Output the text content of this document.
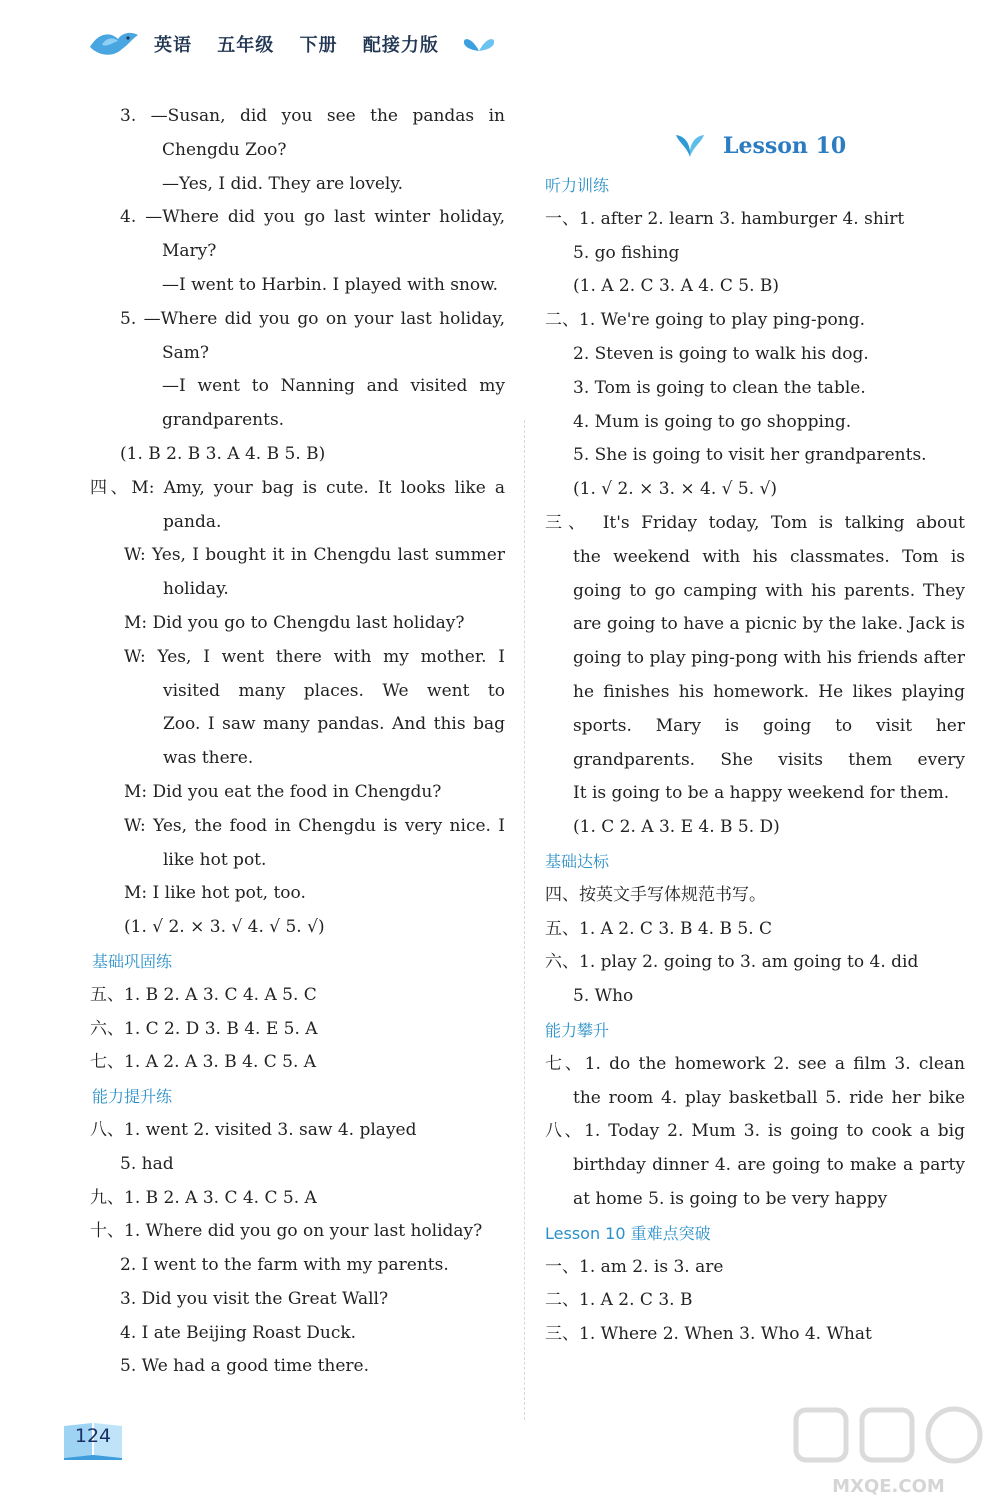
英语 五年级 下册 配接力版
Lesson 10
3. —Susan, did you see the pandas in
Chengdu Zoo?
—Yes, I did. They are lovely.
4. —Where did you go last winter holiday,
Mary?
—I went to Harbin. I played with snow.
5. —Where did you go on your last holiday,
Sam?
—I went to Nanning and visited my
grandparents.
(1. B 2. B 3. A 4. B 5. B)
四、M: Amy, your bag is cute. It looks like a
panda.
W: Yes, I bought it in Chengdu last summer
holiday.
M: Did you go to Chengdu last holiday?
W: Yes, I went there with my mother. I
visited many places. We went to
Zoo. I saw many pandas. And this bag
was there.
M: Did you eat the food in Chengdu?
W: Yes, the food in Chengdu is very nice. I
like hot pot.
M: I like hot pot, too.
(1. √ 2. × 3. √ 4. √ 5. √)
基础巩固练
五、1. B 2. A 3. C 4. A 5. C
六、1. C 2. D 3. B 4. E 5. A
七、1. A 2. A 3. B 4. C 5. A
能力提升练
八、1. went 2. visited 3. saw 4. played
5. had
九、1. B 2. A 3. C 4. C 5. A
十、1. Where did you go on your last holiday?
2. I went to the farm with my parents.
3. Did you visit the Great Wall?
4. I ate Beijing Roast Duck.
5. We had a good time there.
听力训练
一、1. after 2. learn 3. hamburger 4. shirt
5. go fishing
(1. A 2. C 3. A 4. C 5. B)
二、1. We're going to play ping-pong.
2. Steven is going to walk his dog.
3. Tom is going to clean the table.
4. Mum is going to go shopping.
5. She is going to visit her grandparents.
(1. √ 2. × 3. × 4. √ 5. √)
三、 It's Friday today, Tom is talking about
the weekend with his classmates. Tom is
going to go camping with his parents. They
are going to have a picnic by the lake. Jack is
going to play ping-pong with his friends after
he finishes his homework. He likes playing
sports. Mary is going to visit her
grandparents. She visits them every
It is going to be a happy weekend for them.
(1. C 2. A 3. E 4. B 5. D)
基础达标
四、按英文手写体规范书写。
五、1. A 2. C 3. B 4. B 5. C
六、1. play 2. going to 3. am going to 4. did
5. Who
能力攀升
七、1. do the homework 2. see a film 3. clean
the room 4. play basketball 5. ride her bike
八、1. Today 2. Mum 3. is going to cook a big
birthday dinner 4. are going to make a party
at home 5. is going to be very happy
Lesson 10 重难点突破
一、1. am 2. is 3. are
二、1. A 2. C 3. B
三、1. Where 2. When 3. Who 4. What
124
MXQE.COM
